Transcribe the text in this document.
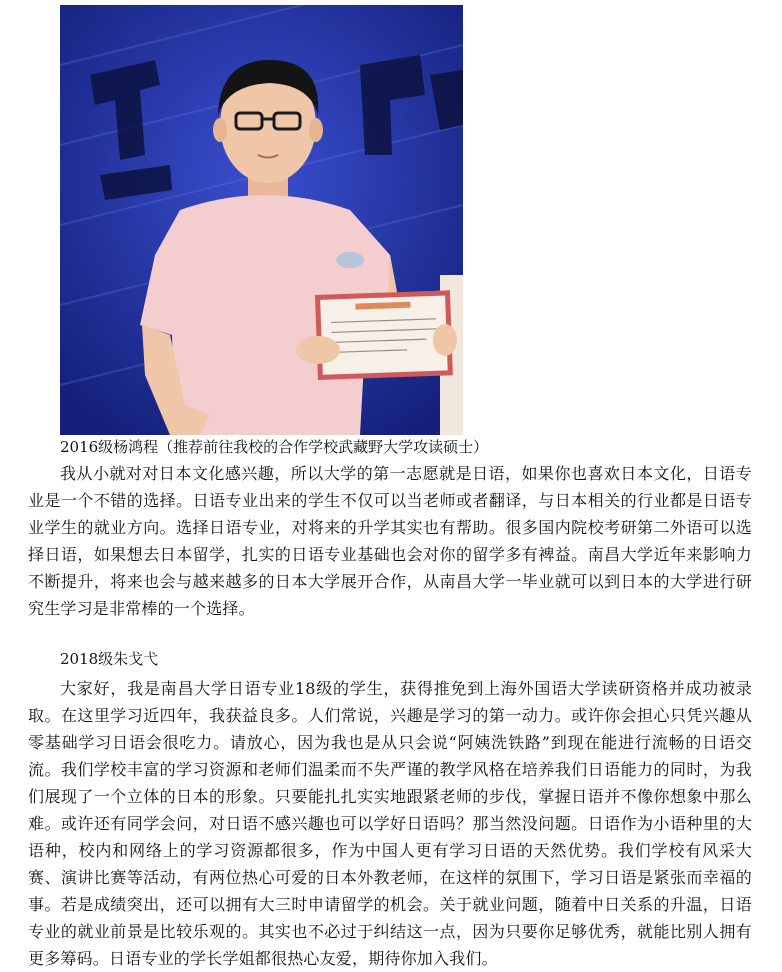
2016级杨鸿程（推荐前往我校的合作学校武藏野大学攻读硕士）
我从小就对对日本文化感兴趣，所以大学的第一志愿就是日语，如果你也喜欢日本文化，日语专业是一个不错的选择。日语专业出来的学生不仅可以当老师或者翻译，与日本相关的行业都是日语专业学生的就业方向。选择日语专业，对将来的升学其实也有帮助。很多国内院校考研第二外语可以选择日语，如果想去日本留学，扎实的日语专业基础也会对你的留学多有裨益。南昌大学近年来影响力不断提升，将来也会与越来越多的日本大学展开合作，从南昌大学一毕业就可以到日本的大学进行研究生学习是非常棒的一个选择。
2018级朱戈弋
大家好，我是南昌大学日语专业18级的学生，获得推免到上海外国语大学读研资格并成功被录取。在这里学习近四年，我获益良多。人们常说，兴趣是学习的第一动力。或许你会担心只凭兴趣从零基础学习日语会很吃力。请放心，因为我也是从只会说“阿姨洗铁路”到现在能进行流畅的日语交流。我们学校丰富的学习资源和老师们温柔而不失严谨的教学风格在培养我们日语能力的同时，为我们展现了一个立体的日本的形象。只要能扎扎实实地跟紧老师的步伐，掌握日语并不像你想象中那么难。或许还有同学会问，对日语不感兴趣也可以学好日语吗？那当然没问题。日语作为小语种里的大语种，校内和网络上的学习资源都很多，作为中国人更有学习日语的天然优势。我们学校有风采大赛、演讲比赛等活动，有两位热心可爱的日本外教老师，在这样的氛围下，学习日语是紧张而幸福的事。若是成绩突出，还可以拥有大三时申请留学的机会。关于就业问题，随着中日关系的升温，日语专业的就业前景是比较乐观的。其实也不必过于纠结这一点，因为只要你足够优秀，就能比别人拥有更多筹码。日语专业的学长学姐都很热心友爱，期待你加入我们。
